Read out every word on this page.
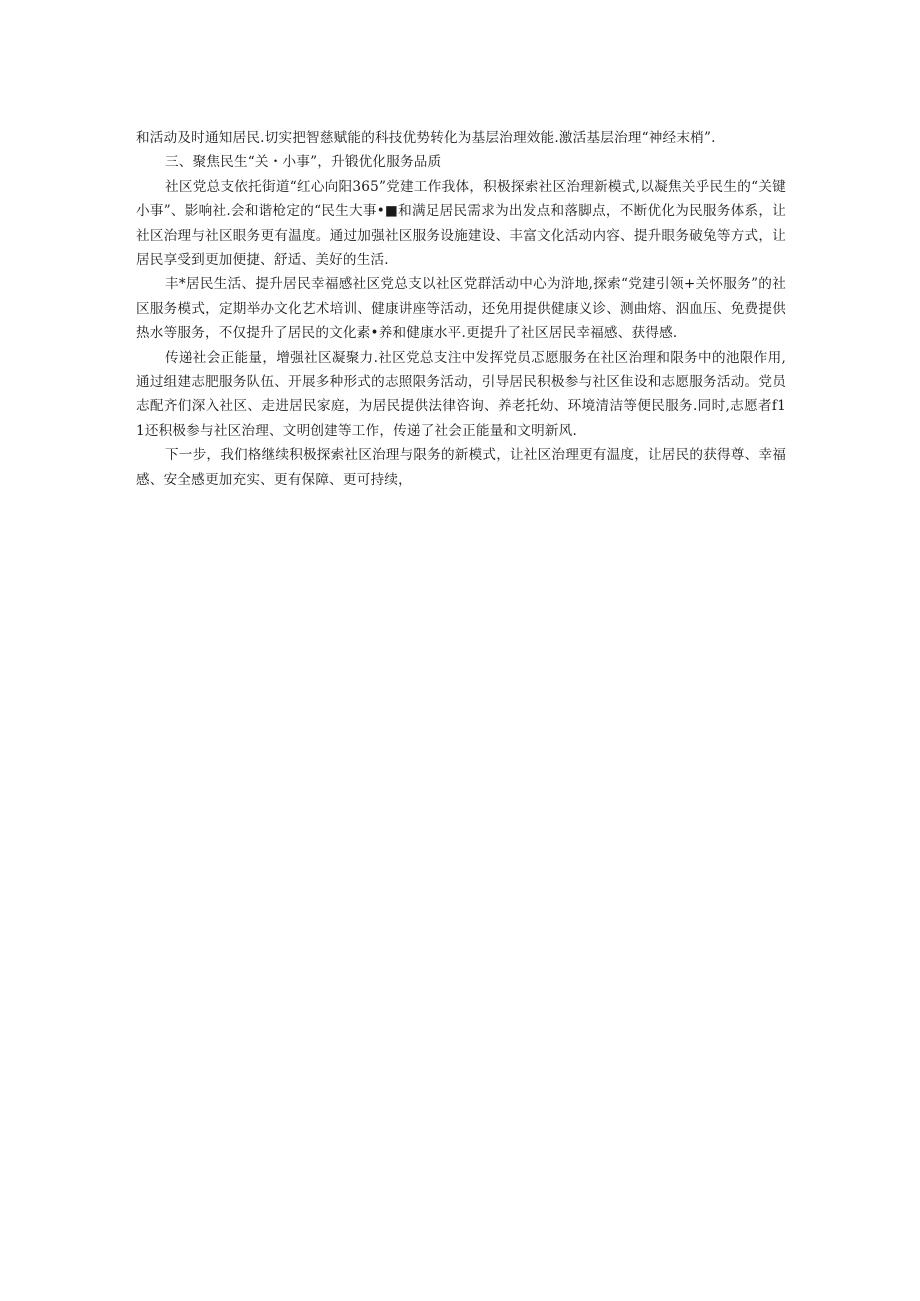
和活动及时通知居民.切实把智慈赋能的科技优势转化为基层治理效能.激活基层治理“神经末梢”.

三、聚焦民生“关・小事”，升锻优化服务品质

社区党总支依托街道“红心向阳365”党建工作我体，积极探索社区治理新模式,以凝焦关乎民生的“关键小事”、影响社.会和谐枪定的“民生大事•■和满足居民需求为出发点和落脚点，不断优化为民服务体系，让社区治理与社区眼务更有温度。通过加强社区服务设施建设、丰富文化活动内容、提升眼务破兔等方式，让居民享受到更加便捷、舒适、美好的生活.

丰*居民生活、提升居民幸福感社区党总支以社区党群活动中心为浒地,探索“党建引领+关怀服务”的社区服务模式，定期举办文化艺术培训、健康讲座等活动，还免用提供健康义诊、测曲熔、泅血压、免费提供热水等服务，不仅提升了居民的文化素•养和健康水平.更提升了社区居民幸福感、获得感.

传递社会正能量，增强社区凝聚力.社区党总支注中发挥党员忑愿服务在社区治理和限务中的池限作用,通过组建志肥服务队伍、开展多种形式的志照限务活动，引导居民积极参与社区隹设和志愿服务活动。党员志配齐们深入社区、走进居民家庭，为居民提供法律咨询、养老托幼、环境清洁等便民服务.同时,志愿者f11还积极参与社区治理、文明创建等工作，传递了社会正能量和文明新风.

下一步，我们格继续积极探索社区治理与限务的新模式，让社区治理更有温度，让居民的获得尊、幸福感、安全感更加充实、更有保障、更可持续，
